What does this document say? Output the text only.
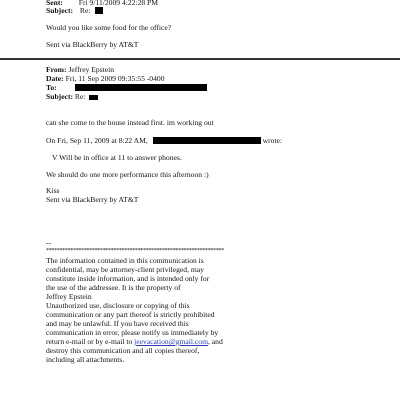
Sent: Fri 9/11/2009 4:22:28 PM
Subject: Re:
Would you like some food for the office?
Sent via BlackBerry by AT&T
From: Jeffrey Epstein
Date: Fri, 11 Sep 2009 09:35:55 -0400
To:
Subject: Re:
can she come to the house instead first. im working out
On Fri, Sep 11, 2009 at 8:22 AM,	wrote:
V Will be in office at 11 to answer phones.
We should do one more performance this afternoon :)
Kiss
Sent via BlackBerry by AT&T
--
******************************************************************
The information contained in this communication is
confidential, may be attorney-client privileged, may
constitute inside information, and is intended only for
the use of the addressee. It is the property of
Jeffrey Epstein
Unauthorized use, disclosure or copying of this
communication or any part thereof is strictly prohibited
and may be unlawful. If you have received this
communication in error, please notify us immediately by
return e-mail or by e-mail to jeevacation@gmail.com, and
destroy this communication and all copies thereof,
including all attachments.
